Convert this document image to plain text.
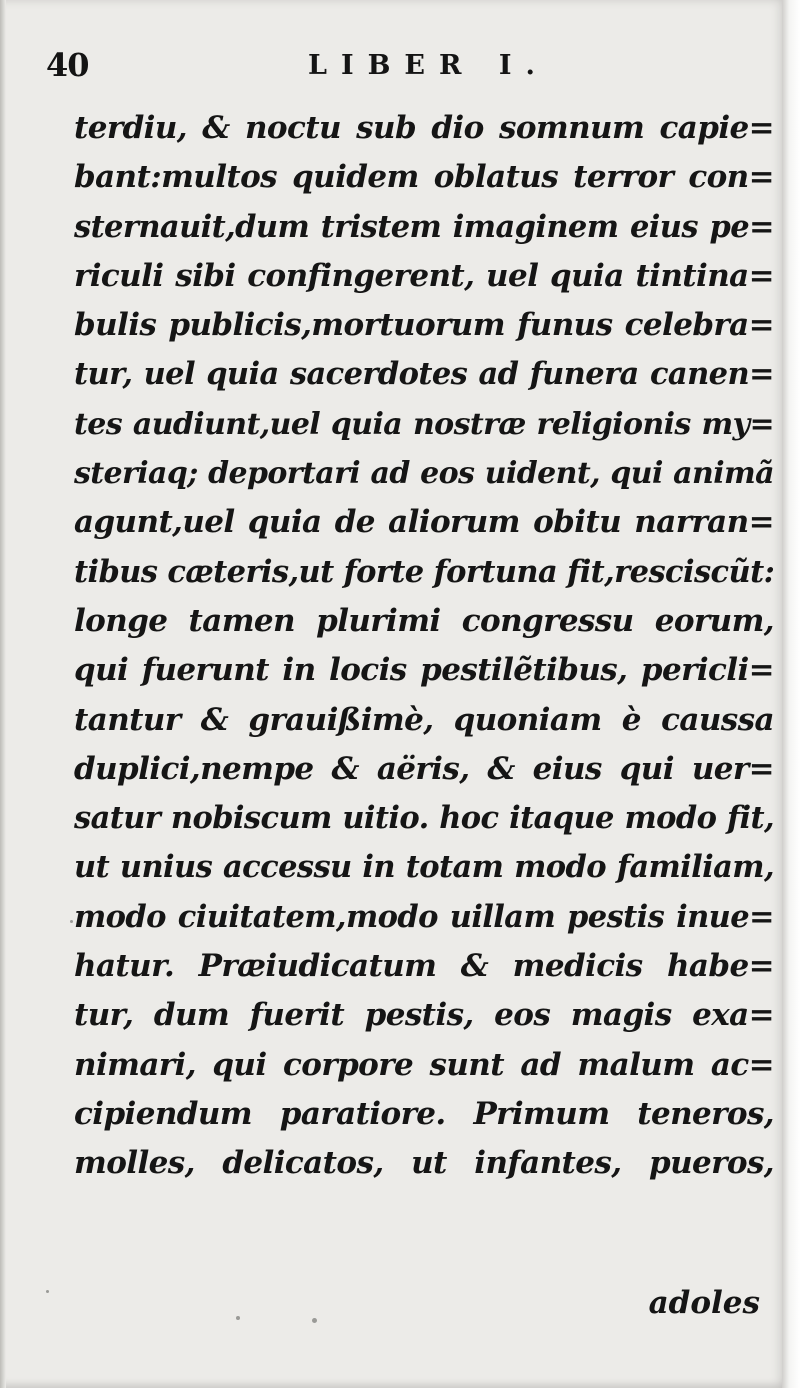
40	LIBER I.
terdiu, & noctu sub dio somnum capie=
bant:multos quidem oblatus terror con=
sternauit,dum tristem imaginem eius pe=
riculi sibi confingerent, uel quia tintina=
bulis publicis,mortuorum funus celebra=
tur, uel quia sacerdotes ad funera canen=
tes audiunt,uel quia nostræ religionis my=
steriaq; deportari ad eos uident, qui animã
agunt,uel quia de aliorum obitu narran=
tibus cæteris,ut forte fortuna fit,resciscũt:
longe tamen plurimi congressu eorum,
qui fuerunt in locis pestilẽtibus, pericli=
tantur & grauißimè, quoniam è caussa
duplici,nempe & aëris, & eius qui uer=
satur nobiscum uitio. hoc itaque modo fit,
ut unius accessu in totam modo familiam,
modo ciuitatem,modo uillam pestis inue=
hatur. Præiudicatum & medicis habe=
tur, dum fuerit pestis, eos magis exa=
nimari, qui corpore sunt ad malum ac=
cipiendum paratiore. Primum teneros,
molles, delicatos, ut infantes, pueros,
adoles
